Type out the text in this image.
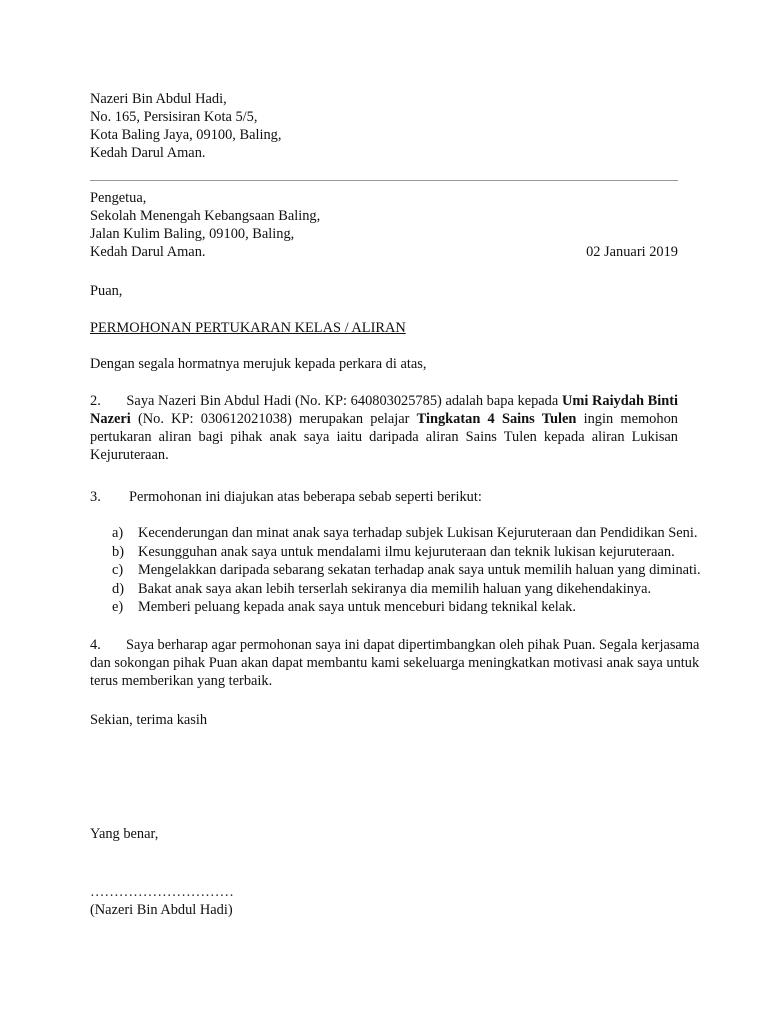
Nazeri Bin Abdul Hadi,
No. 165, Persisiran Kota 5/5,
Kota Baling Jaya, 09100, Baling,
Kedah Darul Aman.
Pengetua,
Sekolah Menengah Kebangsaan Baling,
Jalan Kulim Baling, 09100, Baling,
Kedah Darul Aman.	02 Januari 2019
Puan,
PERMOHONAN PERTUKARAN KELAS / ALIRAN
Dengan segala hormatnya merujuk kepada perkara di atas,
2. Saya Nazeri Bin Abdul Hadi (No. KP: 640803025785) adalah bapa kepada Umi Raiydah Binti
Nazeri (No. KP: 030612021038) merupakan pelajar Tingkatan 4 Sains Tulen ingin memohon
pertukaran aliran bagi pihak anak saya iaitu daripada aliran Sains Tulen kepada aliran Lukisan
Kejuruteraan.
3. Permohonan ini diajukan atas beberapa sebab seperti berikut:
a) Kecenderungan dan minat anak saya terhadap subjek Lukisan Kejuruteraan dan Pendidikan Seni.
b) Kesungguhan anak saya untuk mendalami ilmu kejuruteraan dan teknik lukisan kejuruteraan.
c) Mengelakkan daripada sebarang sekatan terhadap anak saya untuk memilih haluan yang diminati.
d) Bakat anak saya akan lebih terserlah sekiranya dia memilih haluan yang dikehendakinya.
e) Memberi peluang kepada anak saya untuk menceburi bidang teknikal kelak.
4. Saya berharap agar permohonan saya ini dapat dipertimbangkan oleh pihak Puan. Segala kerjasama
dan sokongan pihak Puan akan dapat membantu kami sekeluarga meningkatkan motivasi anak saya untuk
terus memberikan yang terbaik.
Sekian, terima kasih
Yang benar,
…………………………
(Nazeri Bin Abdul Hadi)
